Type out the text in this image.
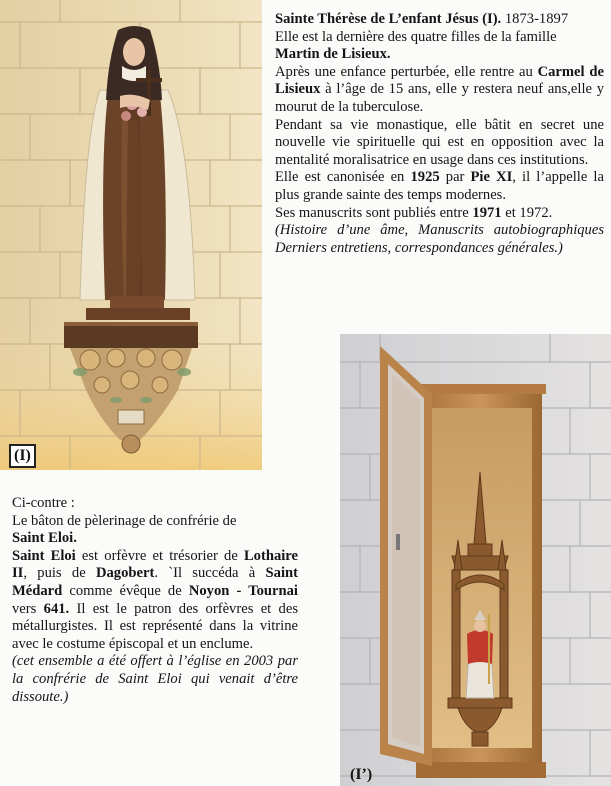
(I)

Sainte Thérèse de L’enfant Jésus (I). 1873-1897

Elle est la dernière des quatre filles de la famille

Martin de Lisieux.

Après une enfance perturbée, elle rentre au Carmel de Lisieux à l’âge de 15 ans, elle y restera neuf ans,elle y mourut de la tuberculose.

Pendant sa vie monastique, elle bâtit en secret une nouvelle vie spirituelle qui est en opposition avec la mentalité moralisatrice en usage dans ces institutions.

Elle est canonisée en 1925 par Pie XI, il l’appelle la plus grande sainte des temps modernes.

Ses manuscrits sont publiés entre 1971 et 1972.

(Histoire d’une âme, Manuscrits autobiographiques Derniers entretiens, correspondances générales.)

Ci-contre :

Le bâton de pèlerinage de confrérie de

Saint Eloi.

Saint Eloi est orfèvre et trésorier de Lothaire II, puis de Dagobert. `Il succéda à Saint Médard comme évêque de Noyon - Tournai vers 641. Il est le patron des orfèvres et des métallurgistes. Il est représenté dans la vitrine avec le costume épiscopal et un enclume.

(cet ensemble a été offert à l’église en 2003 par la confrérie de Saint Eloi qui venait d’être dissoute.)

(I’)
